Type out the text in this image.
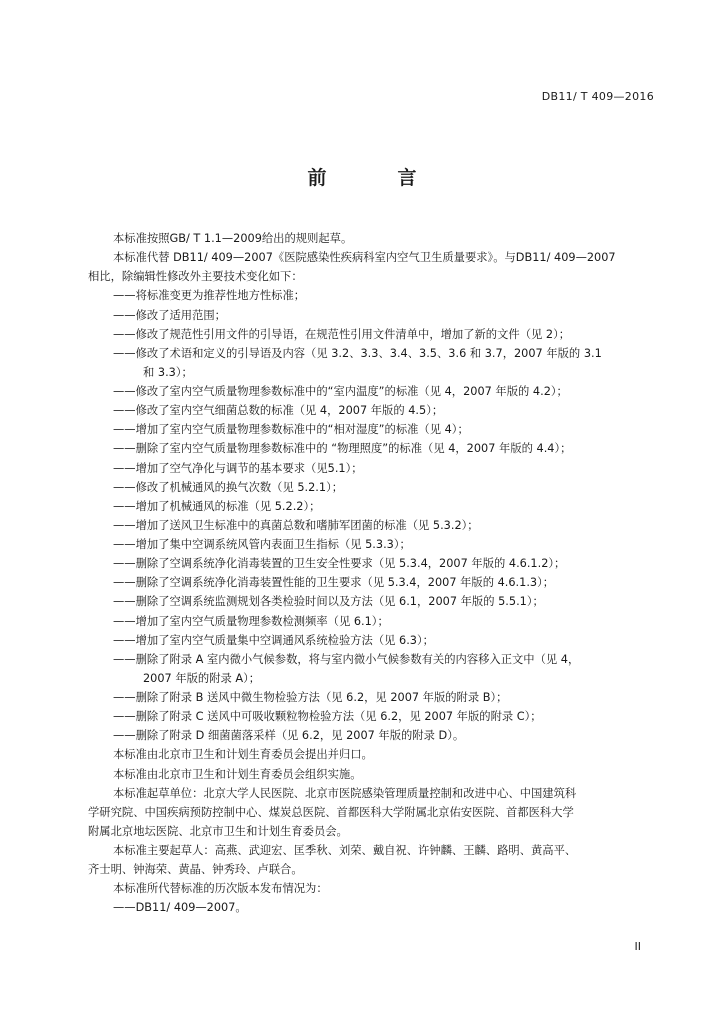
DB11/ T 409—2016
前　言

本标准按照GB/ T 1.1—2009给出的规则起草。

本标准代替 DB11/ 409—2007《医院感染性疾病科室内空气卫生质量要求》。与DB11/ 409—2007

相比，除编辑性修改外主要技术变化如下：

——将标准变更为推荐性地方性标准；

——修改了适用范围；

——修改了规范性引用文件的引导语，在规范性引用文件清单中，增加了新的文件（见 2）；

——修改了术语和定义的引导语及内容（见 3.2、3.3、3.4、3.5、3.6 和 3.7，2007 年版的 3.1

和 3.3）；

——修改了室内空气质量物理参数标准中的“室内温度”的标准（见 4，2007 年版的 4.2）；

——修改了室内空气细菌总数的标准（见 4，2007 年版的 4.5）；

——增加了室内空气质量物理参数标准中的“相对湿度”的标准（见 4）；

——删除了室内空气质量物理参数标准中的 “物理照度”的标准（见 4，2007 年版的 4.4）；

——增加了空气净化与调节的基本要求（见5.1）；

——修改了机械通风的换气次数（见 5.2.1）；

——增加了机械通风的标准（见 5.2.2）；

——增加了送风卫生标准中的真菌总数和嗜肺军团菌的标准（见 5.3.2）；

——增加了集中空调系统风管内表面卫生指标（见 5.3.3）；

——删除了空调系统净化消毒装置的卫生安全性要求（见 5.3.4，2007 年版的 4.6.1.2）；

——删除了空调系统净化消毒装置性能的卫生要求（见 5.3.4，2007 年版的 4.6.1.3）；

——删除了空调系统监测规划各类检验时间以及方法（见 6.1，2007 年版的 5.5.1）；

——增加了室内空气质量物理参数检测频率（见 6.1）；

——增加了室内空气质量集中空调通风系统检验方法（见 6.3）；

——删除了附录 A 室内微小气候参数，将与室内微小气候参数有关的内容移入正文中（见 4，

2007 年版的附录 A）；

——删除了附录 B 送风中微生物检验方法（见 6.2，见 2007 年版的附录 B）；

——删除了附录 C 送风中可吸收颗粒物检验方法（见 6.2，见 2007 年版的附录 C）；

——删除了附录 D 细菌菌落采样（见 6.2，见 2007 年版的附录 D）。

本标准由北京市卫生和计划生育委员会提出并归口。

本标准由北京市卫生和计划生育委员会组织实施。

本标准起草单位：北京大学人民医院、北京市医院感染管理质量控制和改进中心、中国建筑科

学研究院、中国疾病预防控制中心、煤炭总医院、首都医科大学附属北京佑安医院、首都医科大学

附属北京地坛医院、北京市卫生和计划生育委员会。

本标准主要起草人：高燕、武迎宏、匡季秋、刘荣、戴自祝、许钟麟、王麟、路明、黄高平、

齐士明、钟海荣、黄晶、钟秀玲、卢联合。

本标准所代替标准的历次版本发布情况为：

——DB11/ 409—2007。

II
